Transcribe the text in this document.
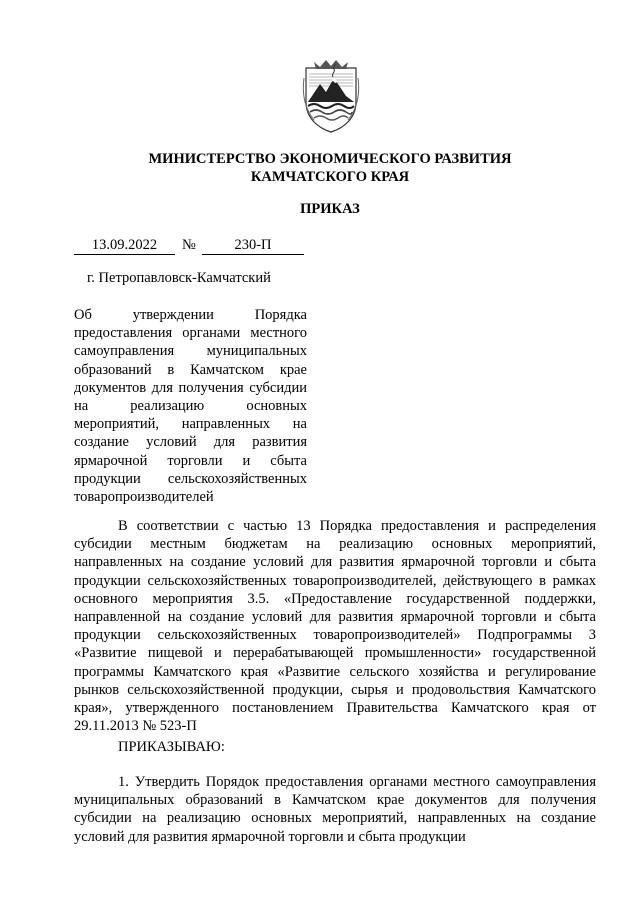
МИНИСТЕРСТВО ЭКОНОМИЧЕСКОГО РАЗВИТИЯ
КАМЧАТСКОГО КРАЯ
ПРИКАЗ
13.09.2022	№	230-П
г. Петропавловск-Камчатский
Об утверждении Порядка предоставления органами местного самоуправления муниципальных образований в Камчатском крае документов для получения субсидии на реализацию основных мероприятий, направленных на создание условий для развития ярмарочной торговли и сбыта продукции сельскохозяйственных товаропроизводителей
В соответствии с частью 13 Порядка предоставления и распределения субсидии местным бюджетам на реализацию основных мероприятий, направленных на создание условий для развития ярмарочной торговли и сбыта продукции сельскохозяйственных товаропроизводителей, действующего в рамках основного мероприятия 3.5. «Предоставление государственной поддержки, направленной на создание условий для развития ярмарочной торговли и сбыта продукции сельскохозяйственных товаропроизводителей» Подпрограммы 3 «Развитие пищевой и перерабатывающей промышленности» государственной программы Камчатского края «Развитие сельского хозяйства и регулирование рынков сельскохозяйственной продукции, сырья и продовольствия Камчатского края», утвержденного постановлением Правительства Камчатского края от 29.11.2013 № 523-П
ПРИКАЗЫВАЮ:
1. Утвердить Порядок предоставления органами местного самоуправления муниципальных образований в Камчатском крае документов для получения субсидии на реализацию основных мероприятий, направленных на создание условий для развития ярмарочной торговли и сбыта продукции
